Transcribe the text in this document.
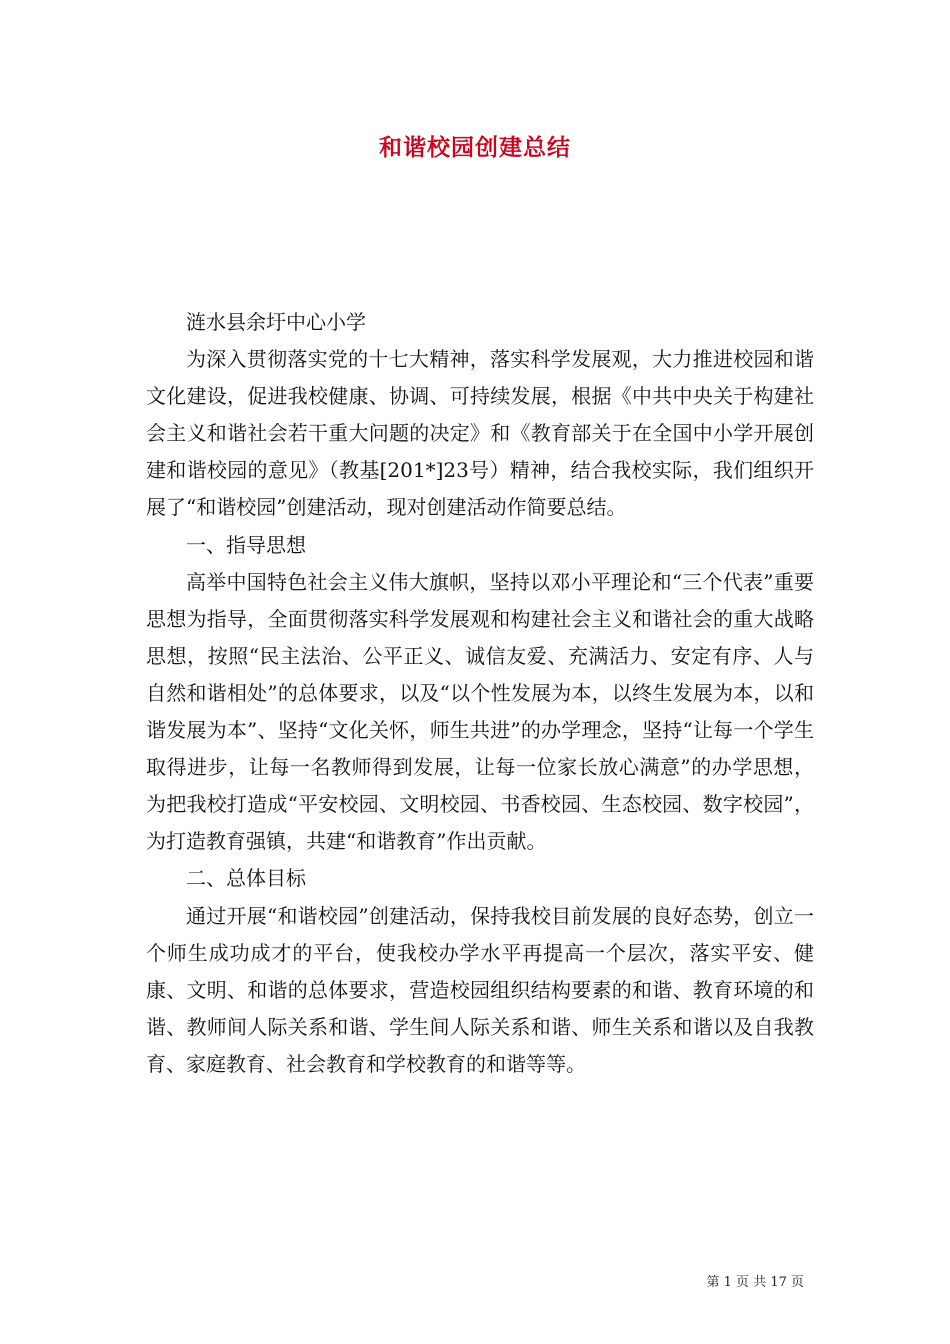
和谐校园创建总结

涟水县余圩中心小学

为深入贯彻落实党的十七大精神，落实科学发展观，大力推进校园和谐文化建设，促进我校健康、协调、可持续发展，根据《中共中央关于构建社会主义和谐社会若干重大问题的决定》和《教育部关于在全国中小学开展创建和谐校园的意见》（教基[201*]23号）精神，结合我校实际，我们组织开展了“和谐校园”创建活动，现对创建活动作简要总结。

一、指导思想

高举中国特色社会主义伟大旗帜，坚持以邓小平理论和“三个代表”重要思想为指导，全面贯彻落实科学发展观和构建社会主义和谐社会的重大战略思想，按照“民主法治、公平正义、诚信友爱、充满活力、安定有序、人与自然和谐相处”的总体要求，以及“以个性发展为本，以终生发展为本，以和谐发展为本”、坚持“文化关怀，师生共进”的办学理念，坚持“让每一个学生取得进步，让每一名教师得到发展，让每一位家长放心满意”的办学思想，为把我校打造成“平安校园、文明校园、书香校园、生态校园、数字校园”，为打造教育强镇，共建“和谐教育”作出贡献。

二、总体目标

通过开展“和谐校园”创建活动，保持我校目前发展的良好态势，创立一个师生成功成才的平台，使我校办学水平再提高一个层次，落实平安、健康、文明、和谐的总体要求，营造校园组织结构要素的和谐、教育环境的和谐、教师间人际关系和谐、学生间人际关系和谐、师生关系和谐以及自我教育、家庭教育、社会教育和学校教育的和谐等等。

第 1 页 共 17 页
